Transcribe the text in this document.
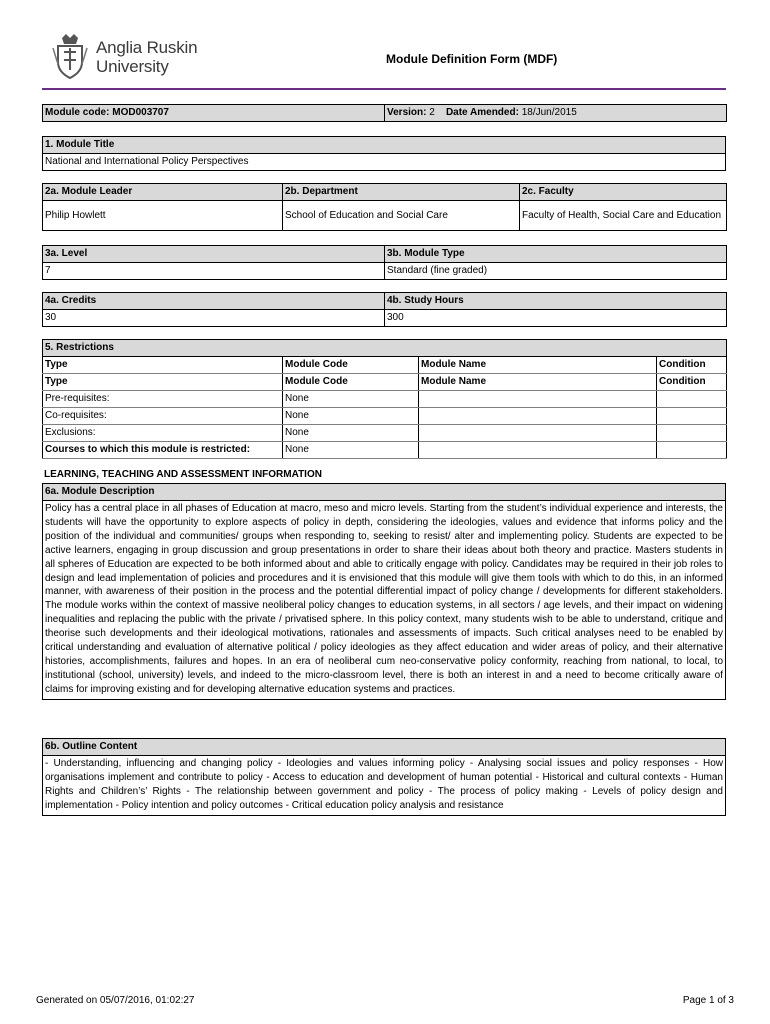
Anglia Ruskin
University	Module Definition Form (MDF)
Module code: MOD003707	Version: 2 Date Amended: 18/Jun/2015
1. Module Title
National and International Policy Perspectives
2a. Module Leader	2b. Department	2c. Faculty
Philip Howlett	School of Education and Social Care	Faculty of Health, Social Care and Education
3a. Level	3b. Module Type
7	Standard (fine graded)
4a. Credits	4b. Study Hours
30	300
5. Restrictions			
Type	Module Code	Module Name	Condition
Type	Module Code	Module Name	Condition
Pre-requisites:	None		
Co-requisites:	None		
Exclusions:	None		
Courses to which this module is restricted:	None		
LEARNING, TEACHING AND ASSESSMENT INFORMATION
6a. Module Description
Policy has a central place in all phases of Education at macro, meso and micro levels. Starting from the student’s individual experience and interests, the students will have the opportunity to explore aspects of policy in depth, considering the ideologies, values and evidence that informs policy and the position of the individual and communities/ groups when responding to, seeking to resist/ alter and implementing policy. Students are expected to be active learners, engaging in group discussion and group presentations in order to share their ideas about both theory and practice. Masters students in all spheres of Education are expected to be both informed about and able to critically engage with policy. Candidates may be required in their job roles to design and lead implementation of policies and procedures and it is envisioned that this module will give them tools with which to do this, in an informed manner, with awareness of their position in the process and the potential differential impact of policy change / developments for different stakeholders. The module works within the context of massive neoliberal policy changes to education systems, in all sectors / age levels, and their impact on widening inequalities and replacing the public with the private / privatised sphere. In this policy context, many students wish to be able to understand, critique and theorise such developments and their ideological motivations, rationales and assessments of impacts. Such critical analyses need to be enabled by critical understanding and evaluation of alternative political / policy ideologies as they affect education and wider areas of policy, and their alternative histories, accomplishments, failures and hopes. In an era of neoliberal cum neo-conservative policy conformity, reaching from national, to local, to institutional (school, university) levels, and indeed to the micro-classroom level, there is both an interest in and a need to become critically aware of claims for improving existing and for developing alternative education systems and practices.
6b. Outline Content
- Understanding, influencing and changing policy - Ideologies and values informing policy - Analysing social issues and policy responses - How organisations implement and contribute to policy - Access to education and development of human potential - Historical and cultural contexts - Human Rights and Children’s’ Rights - The relationship between government and policy - The process of policy making - Levels of policy design and implementation - Policy intention and policy outcomes - Critical education policy analysis and resistance
Generated on 05/07/2016, 01:02:27	Page 1 of 3
